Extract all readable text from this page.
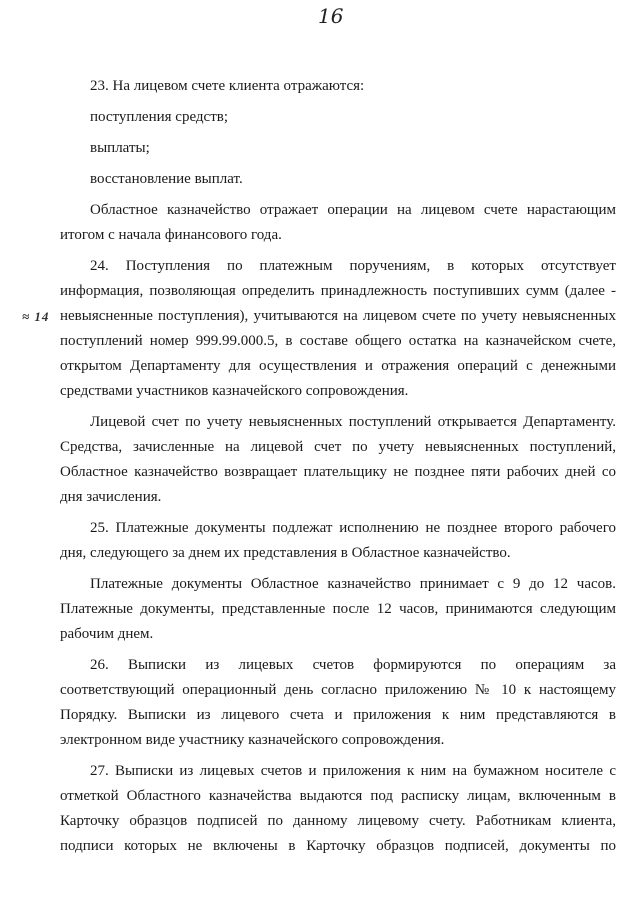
16
≈ 14
23. На лицевом счете клиента отражаются:
поступления средств;
выплаты;
восстановление выплат.
Областное казначейство отражает операции на лицевом счете нарастающим
итогом с начала финансового года.
24. Поступления по платежным поручениям, в которых отсутствует
информация, позволяющая определить принадлежность поступивших сумм (далее -
невыясненные поступления), учитываются на лицевом счете по учету невыясненных
поступлений номер 999.99.000.5, в составе общего остатка на казначейском счете,
открытом Департаменту для осуществления и отражения операций с денежными
средствами участников казначейского сопровождения.
Лицевой счет по учету невыясненных поступлений открывается Департаменту.
Средства, зачисленные на лицевой счет по учету невыясненных поступлений,
Областное казначейство возвращает плательщику не позднее пяти рабочих дней со
дня зачисления.
25. Платежные документы подлежат исполнению не позднее второго рабочего
дня, следующего за днем их представления в Областное казначейство.
Платежные документы Областное казначейство принимает с 9 до 12 часов.
Платежные документы, представленные после 12 часов, принимаются следующим
рабочим днем.
26. Выписки из лицевых счетов формируются по операциям за
соответствующий операционный день согласно приложению № 10 к настоящему
Порядку. Выписки из лицевого счета и приложения к ним представляются в
электронном виде участнику казначейского сопровождения.
27. Выписки из лицевых счетов и приложения к ним на бумажном носителе с
отметкой Областного казначейства выдаются под расписку лицам, включенным в
Карточку образцов подписей по данному лицевому счету. Работникам клиента,
подписи которых не включены в Карточку образцов подписей, документы по
